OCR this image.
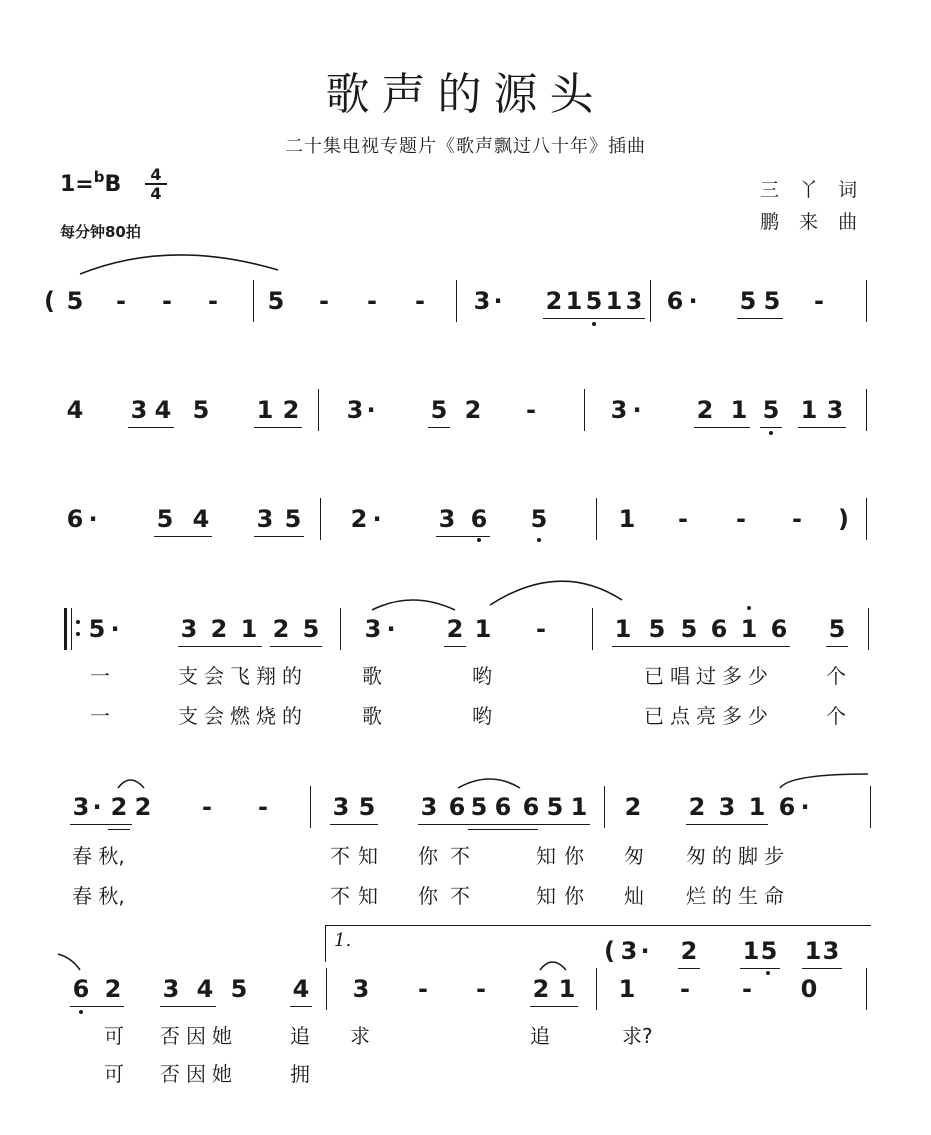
歌声的源头
二十集电视专题片《歌声飘过八十年》插曲
1=$^b$B	4
4
每分钟80拍
三 丫 词
鹏 来 曲
( 5 - - - 5 - - - 3 · 2 1 5 1 3 6 · 5 5 -
4 3 4 5 1 2 3 · 5 2 -	3 · 2 1 5 1 3
6 · 5 4 3 5 2 · 3 6 5	1 - - - )
5 ·	3 2 1 2 5 3 · 2 1 -	1 5 5 6 1 6 5
一	支会飞翔的	歌	哟	已唱过多少	个
一	支会燃烧的	歌	哟	已点亮多少	个
3 · 2 2 - -	3 5 3 6 5 6 6 5 1 2 2 3 1 6 ·
春 秋,	不知 你不	知你 匆 匆的脚步
春 秋,	不知 你不	知你 灿 烂的生命
1.
6 2 3 4 5 4 3 - - 2 1
( 3 · 2 1 5 1 3
1 - - 0
可 否因她	追 求	追	求?
可 否因她	拥
